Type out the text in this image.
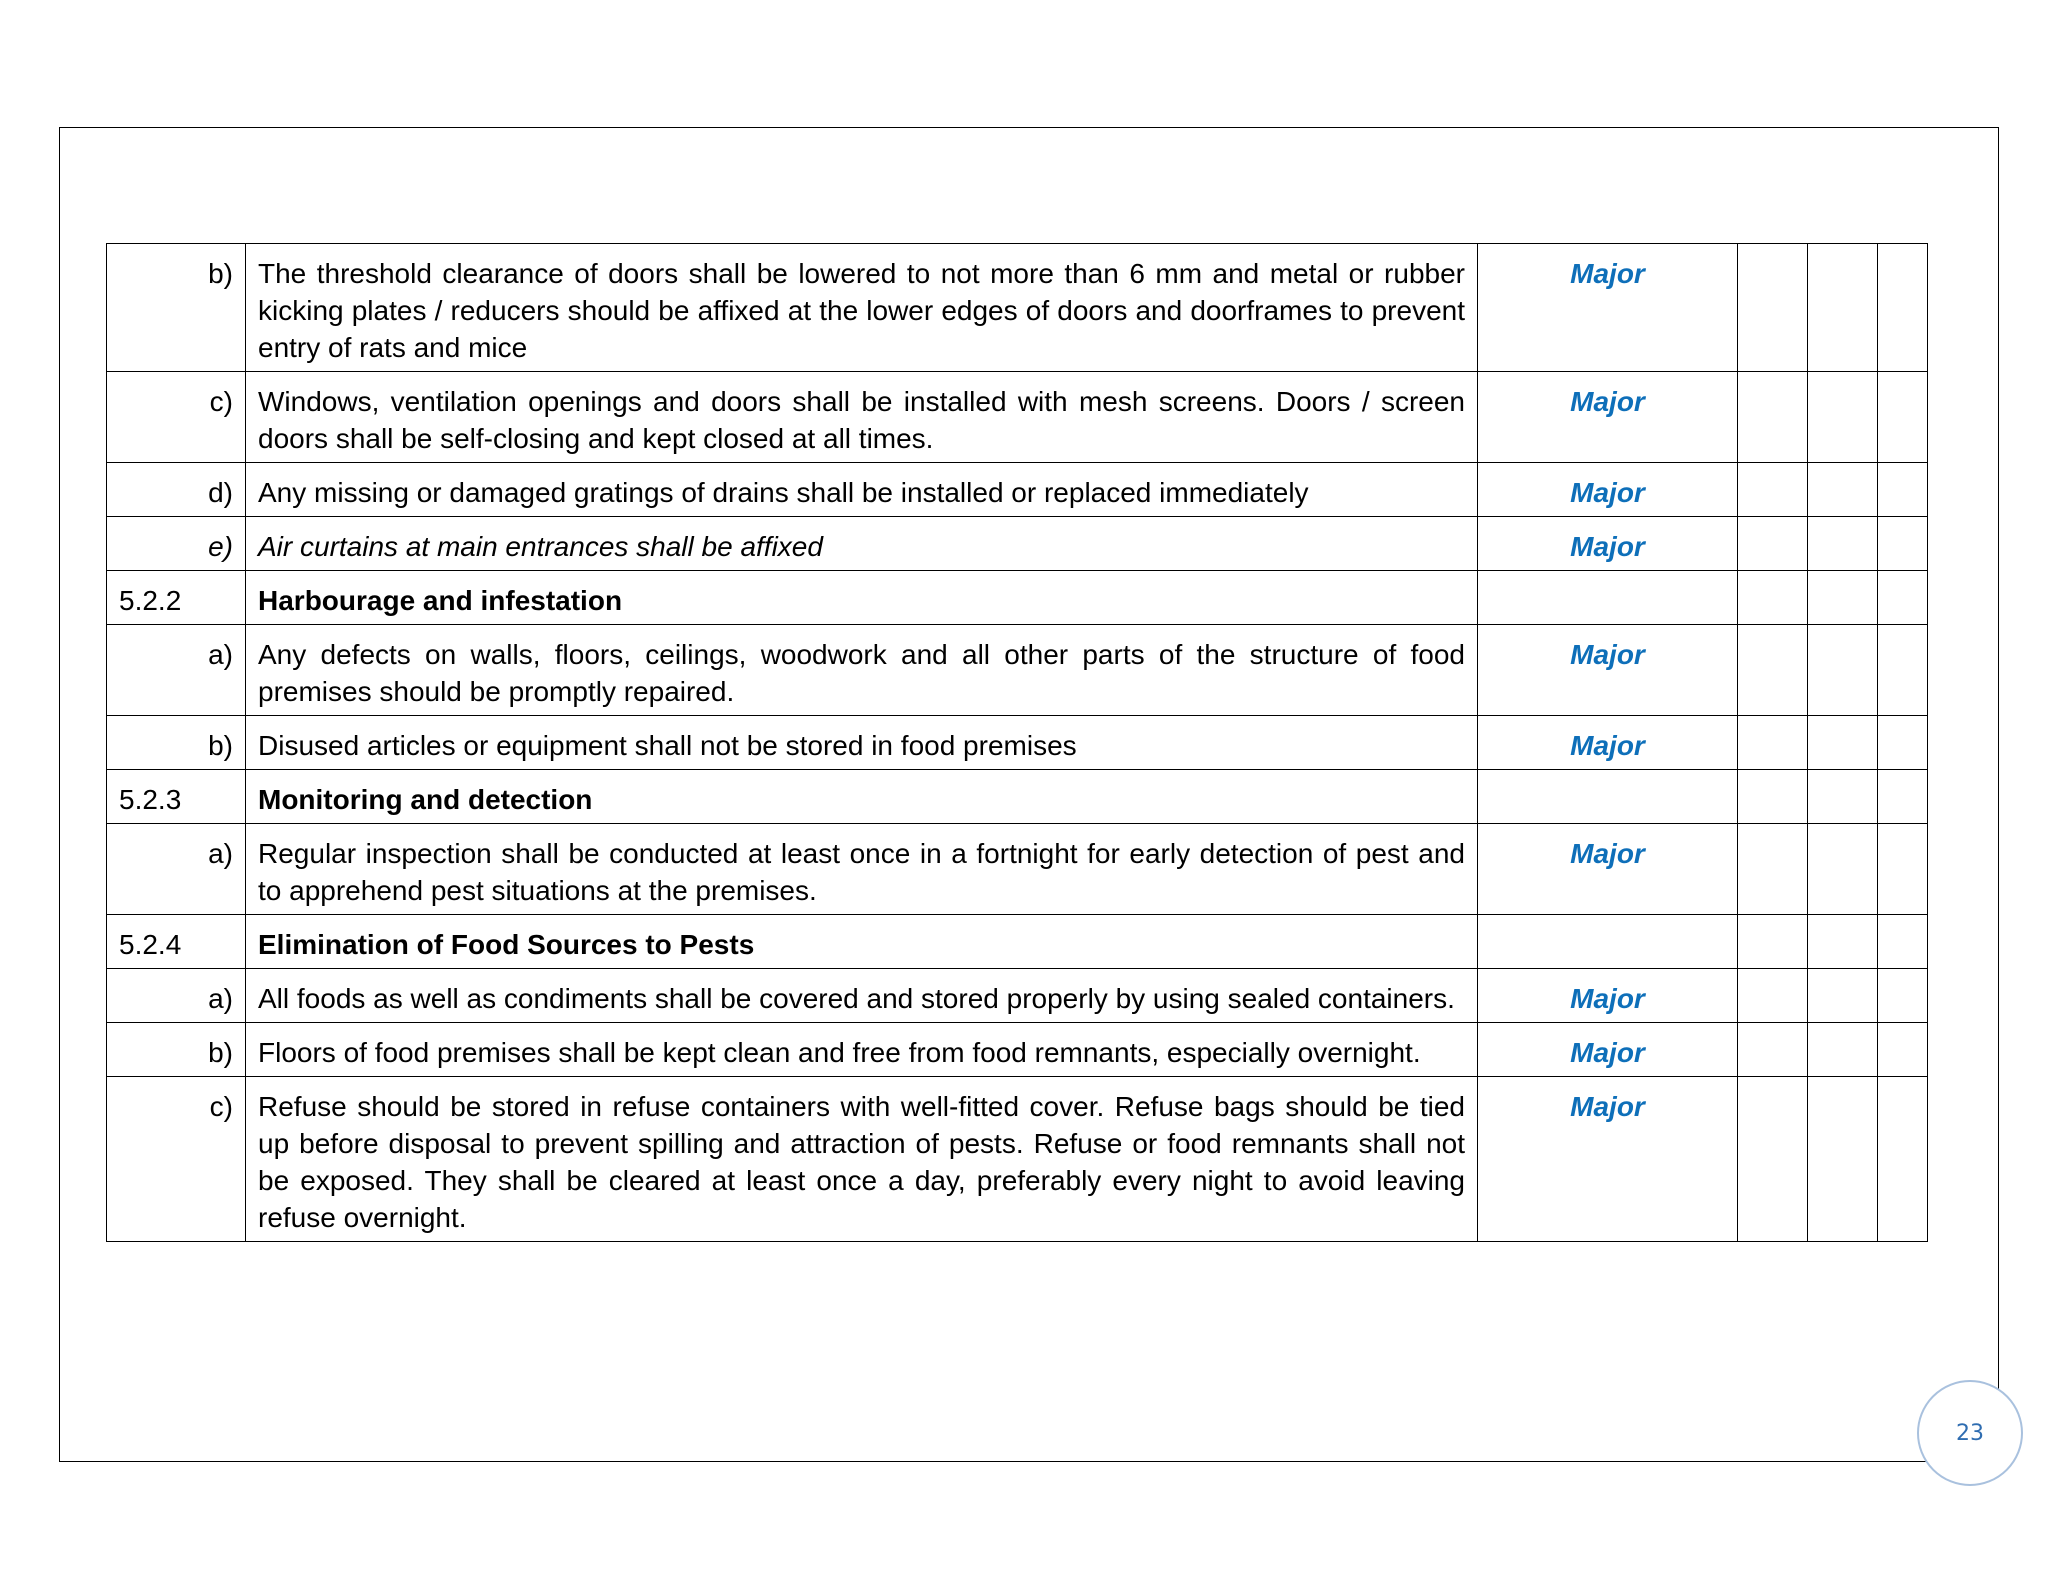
b)	The threshold clearance of doors shall be lowered to not more than 6 mm and metal or rubber kicking plates / reducers should be affixed at the lower edges of doors and doorframes to prevent entry of rats and mice	Major			
c)	Windows, ventilation openings and doors shall be installed with mesh screens. Doors / screen doors shall be self-closing and kept closed at all times.	Major			
d)	Any missing or damaged gratings of drains shall be installed or replaced immediately	Major			
e)	Air curtains at main entrances shall be affixed	Major			
5.2.2	Harbourage and infestation				
a)	Any defects on walls, floors, ceilings, woodwork and all other parts of the structure of food premises should be promptly repaired.	Major			
b)	Disused articles or equipment shall not be stored in food premises	Major			
5.2.3	Monitoring and detection				
a)	Regular inspection shall be conducted at least once in a fortnight for early detection of pest and to apprehend pest situations at the premises.	Major			
5.2.4	Elimination of Food Sources to Pests				
a)	All foods as well as condiments shall be covered and stored properly by using sealed containers.	Major			
b)	Floors of food premises shall be kept clean and free from food remnants, especially overnight.	Major			
c)	Refuse should be stored in refuse containers with well-fitted cover. Refuse bags should be tied up before disposal to prevent spilling and attraction of pests. Refuse or food remnants shall not be exposed. They shall be cleared at least once a day, preferably every night to avoid leaving refuse overnight.	Major			
23
